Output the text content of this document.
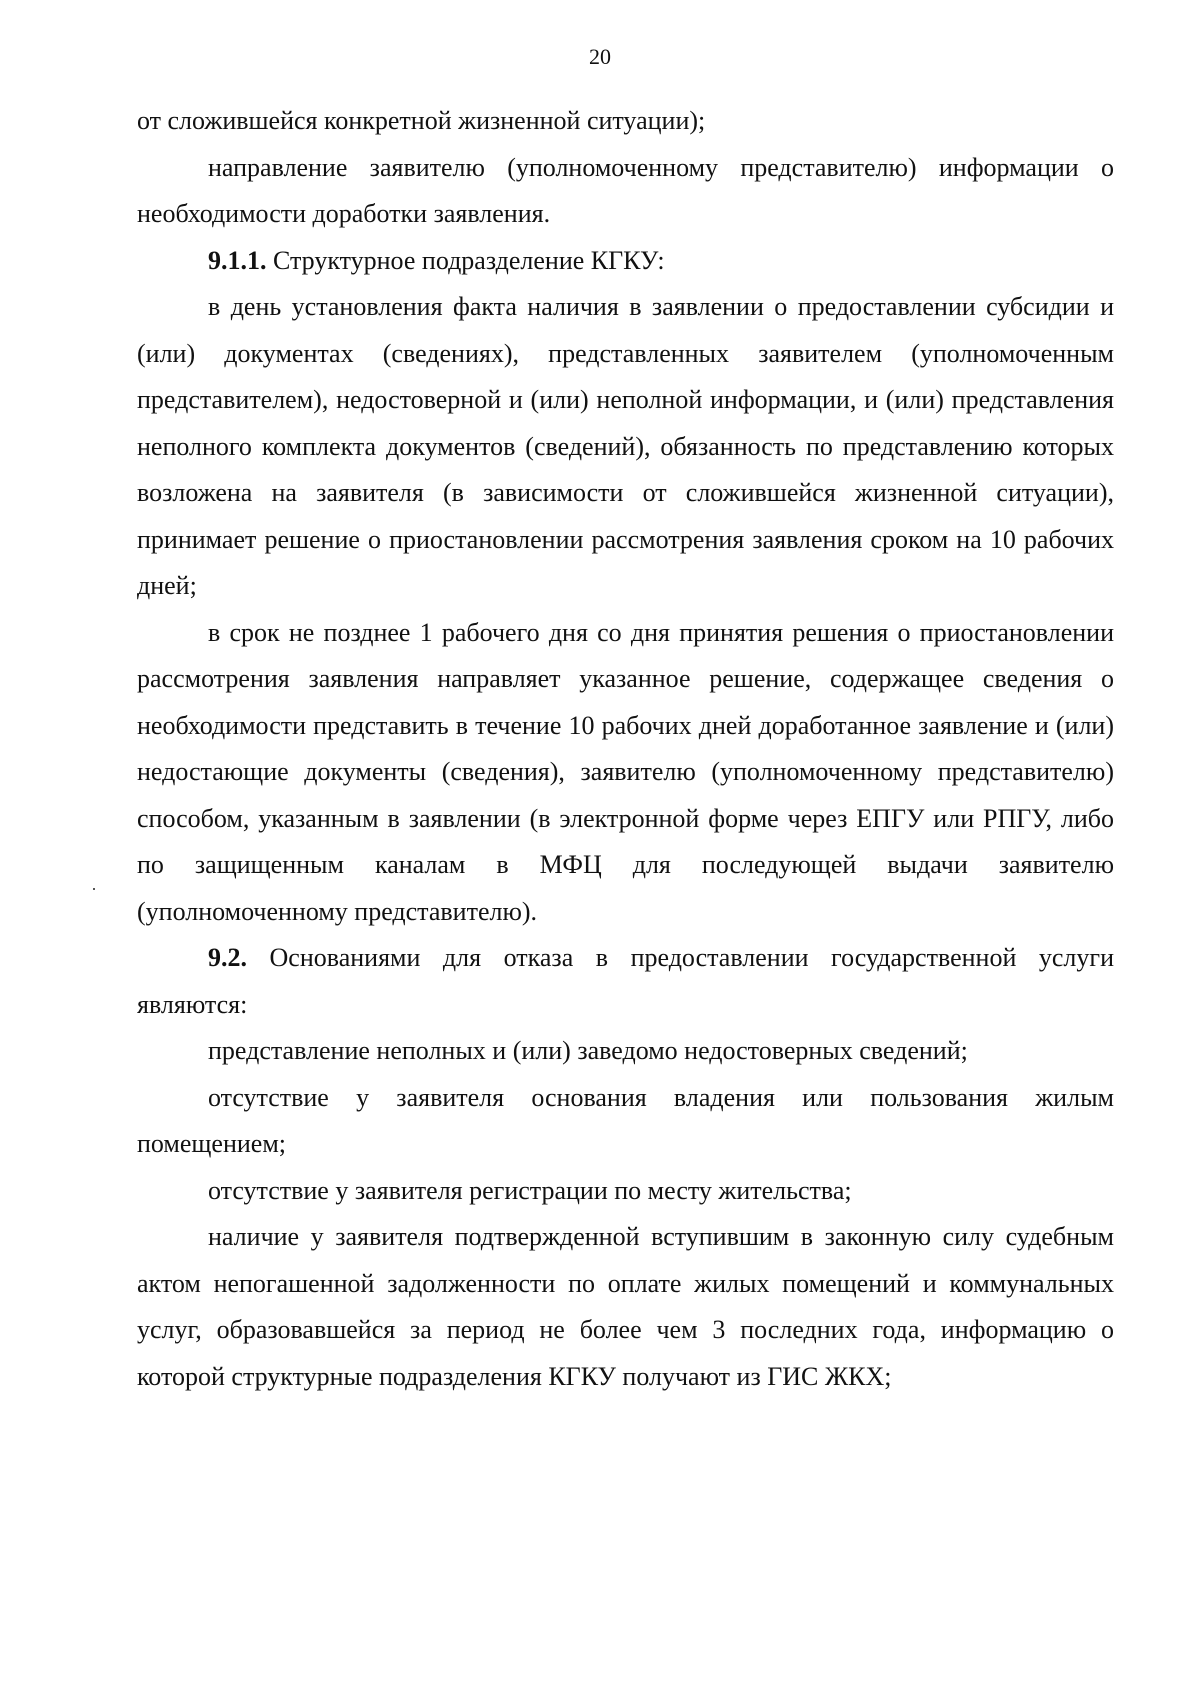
20

от сложившейся конкретной жизненной ситуации);

направление заявителю (уполномоченному представителю) информации о необходимости доработки заявления.

9.1.1. Структурное подразделение КГКУ:

в день установления факта наличия в заявлении о предоставлении субсидии и (или) документах (сведениях), представленных заявителем (уполномоченным представителем), недостоверной и (или) неполной информации, и (или) представления неполного комплекта документов (сведений), обязанность по представлению которых возложена на заявителя (в зависимости от сложившейся жизненной ситуации), принимает решение о приостановлении рассмотрения заявления сроком на 10 рабочих дней;

в срок не позднее 1 рабочего дня со дня принятия решения о приостановлении рассмотрения заявления направляет указанное решение, содержащее сведения о необходимости представить в течение 10 рабочих дней доработанное заявление и (или) недостающие документы (сведения), заявителю (уполномоченному представителю) способом, указанным в заявлении (в электронной форме через ЕПГУ или РПГУ, либо по защищенным каналам в МФЦ для последующей выдачи заявителю (уполномоченному представителю).

9.2. Основаниями для отказа в предоставлении государственной услуги являются:

представление неполных и (или) заведомо недостоверных сведений;

отсутствие у заявителя основания владения или пользования жилым помещением;

отсутствие у заявителя регистрации по месту жительства;

наличие у заявителя подтвержденной вступившим в законную силу судебным актом непогашенной задолженности по оплате жилых помещений и коммунальных услуг, образовавшейся за период не более чем 3 последних года, информацию о которой структурные подразделения КГКУ получают из ГИС ЖКХ;
